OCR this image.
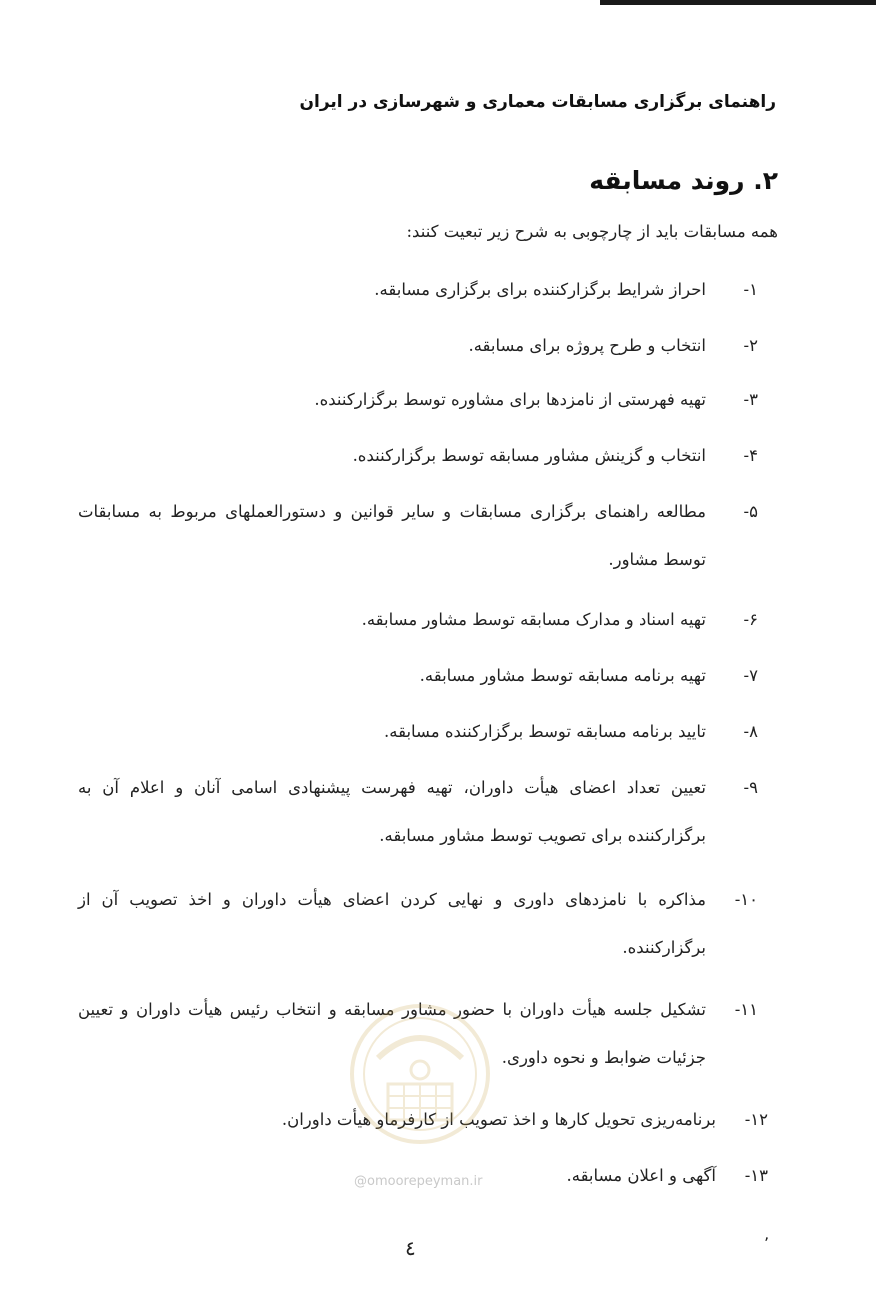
راهنمای برگزاری مسابقات معماری و شهرسازی در ایران
۲. روند مسابقه
همه مسابقات باید از چارچوبی به شرح زیر تبعیت کنند:
۱-
احراز شرایط برگزارکننده برای برگزاری مسابقه.
۲-
انتخاب و طرح پروژه برای مسابقه.
۳-
تهیه فهرستی از نامزدها برای مشاوره توسط برگزارکننده.
۴-
انتخاب و گزینش مشاور مسابقه توسط برگزارکننده.
۵-
مطالعه راهنمای برگزاری مسابقات و سایر قوانین و دستورالعملهای مربوط به مسابقات توسط مشاور.
۶-
تهیه اسناد و مدارک مسابقه توسط مشاور مسابقه.
۷-
تهیه برنامه مسابقه توسط مشاور مسابقه.
۸-
تایید برنامه مسابقه توسط برگزارکننده مسابقه.
۹-
تعیین تعداد اعضای هیأت داوران، تهیه فهرست پیشنهادی اسامی آنان و اعلام آن به برگزارکننده برای تصویب توسط مشاور مسابقه.
۱۰-
مذاکره با نامزدهای داوری و نهایی کردن اعضای هیأت داوران و اخذ تصویب آن از برگزارکننده.
۱۱-
تشکیل جلسه هیأت داوران با حضور مشاور مسابقه و انتخاب رئیس هیأت داوران و تعیین جزئیات ضوابط و نحوه داوری.
۱۲-
برنامه‌ریزی تحویل کارها و اخذ تصویب از کارفرماو هیأت داوران.
۱۳-
آگهی و اعلان مسابقه.
@omoorepeyman.ir
٤	٬
